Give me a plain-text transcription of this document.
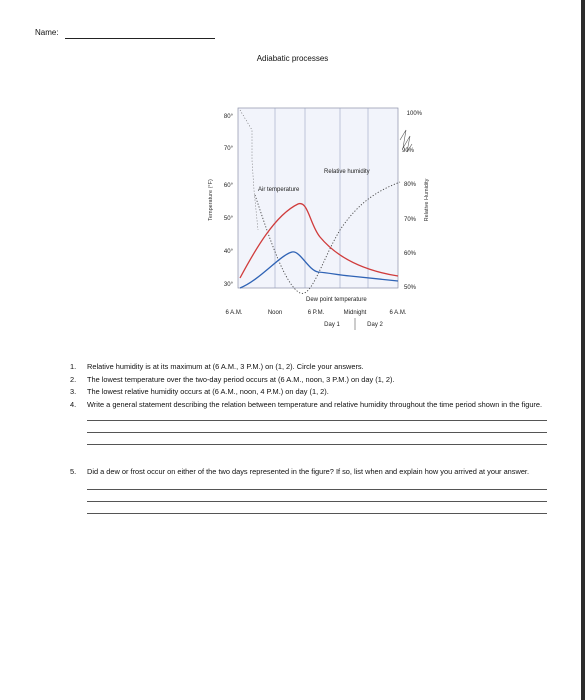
Name:
Adiabatic processes
80°
70°
60°
50°
40°
30°
Temperature (°F)
100%
90%
80%
70%
60%
50%
Relative Humidity
Relative humidity
Air temperature
Dew point temperature
6 A.M.	Noon	6 P.M.	Midnight	6 A.M.
Day 1	Day 2
1. Relative humidity is at its maximum at (6 A.M., 3 P.M.) on (1, 2). Circle your answers.
2. The lowest temperature over the two-day period occurs at (6 A.M., noon, 3 P.M.) on day (1, 2).
3. The lowest relative humidity occurs at (6 A.M., noon, 4 P.M.) on day (1, 2).
4. Write a general statement describing the relation between temperature and relative humidity throughout the time period shown in the figure.
5. Did a dew or frost occur on either of the two days represented in the figure? If so, list when and explain how you arrived at your answer.
